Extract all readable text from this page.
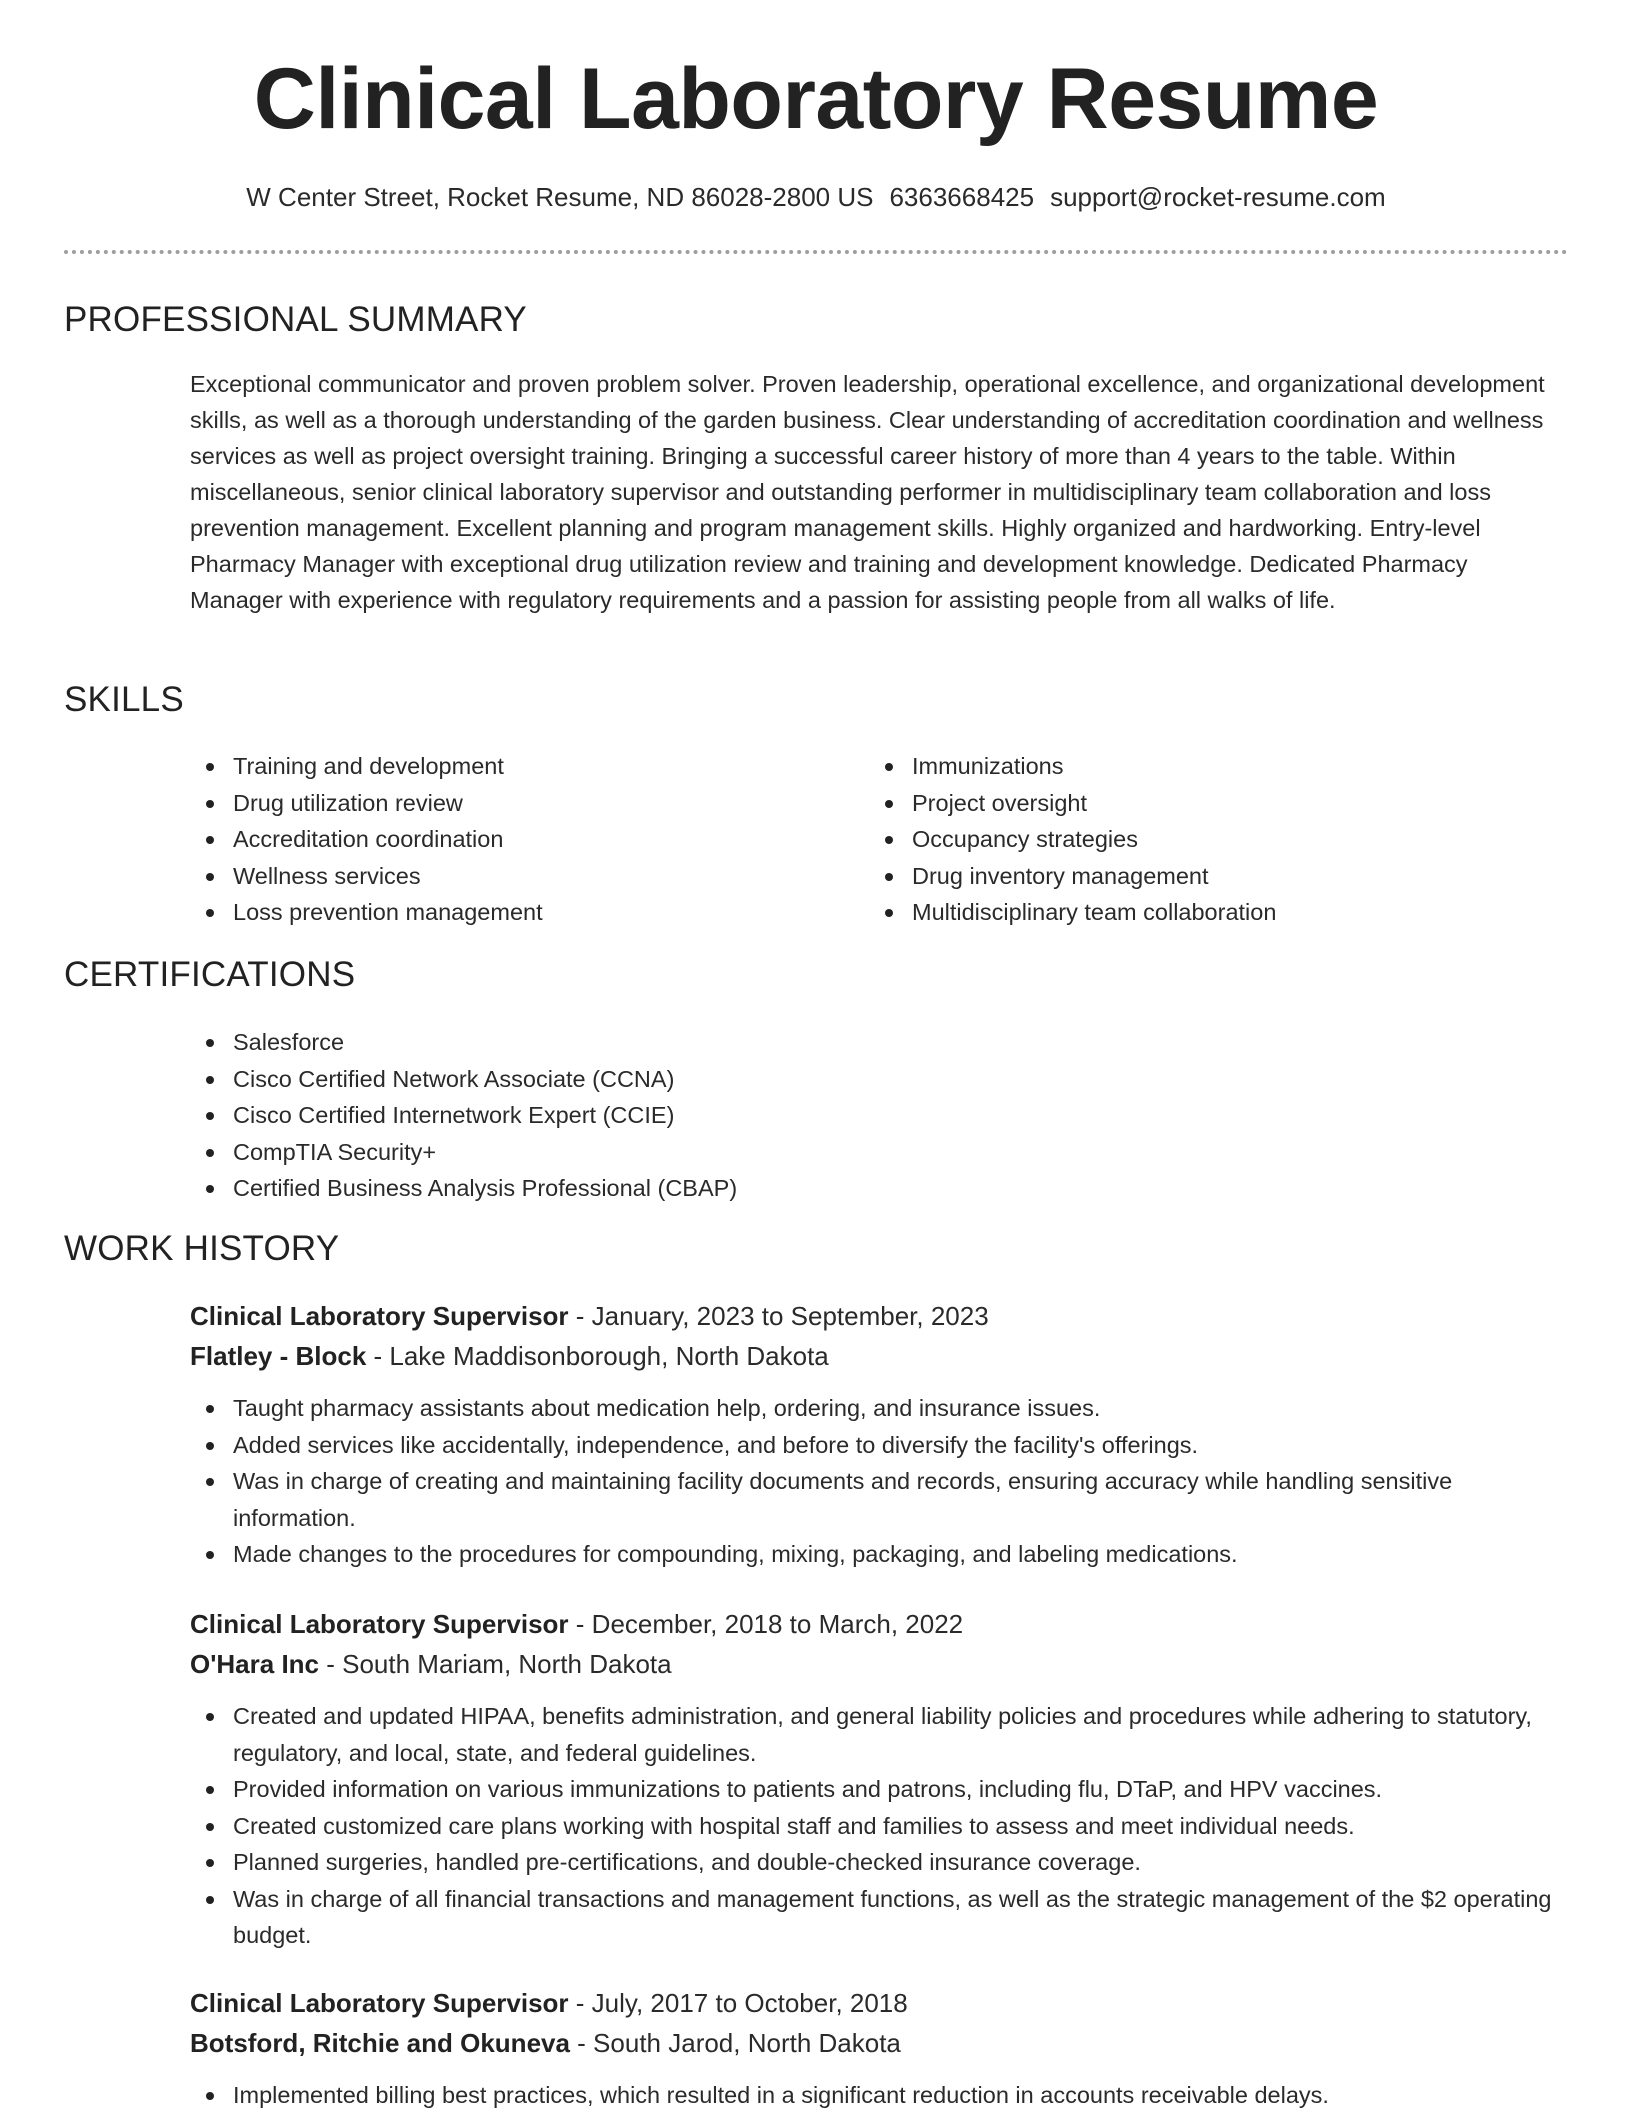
Clinical Laboratory Resume
W Center Street, Rocket Resume, ND 86028-2800 US 6363668425 support@rocket-resume.com
PROFESSIONAL SUMMARY

Exceptional communicator and proven problem solver. Proven leadership, operational excellence, and organizational development skills, as well as a thorough understanding of the garden business. Clear understanding of accreditation coordination and wellness services as well as project oversight training. Bringing a successful career history of more than 4 years to the table. Within miscellaneous, senior clinical laboratory supervisor and outstanding performer in multidisciplinary team collaboration and loss prevention management. Excellent planning and program management skills. Highly organized and hardworking. Entry-level Pharmacy Manager with exceptional drug utilization review and training and development knowledge. Dedicated Pharmacy Manager with experience with regulatory requirements and a passion for assisting people from all walks of life.

SKILLS
Training and development
Drug utilization review
Accreditation coordination
Wellness services
Loss prevention management
Immunizations
Project oversight
Occupancy strategies
Drug inventory management
Multidisciplinary team collaboration
CERTIFICATIONS
Salesforce
Cisco Certified Network Associate (CCNA)
Cisco Certified Internetwork Expert (CCIE)
CompTIA Security+
Certified Business Analysis Professional (CBAP)
WORK HISTORY
Clinical Laboratory Supervisor - January, 2023 to September, 2023
Flatley - Block - Lake Maddisonborough, North Dakota
Taught pharmacy assistants about medication help, ordering, and insurance issues.
Added services like accidentally, independence, and before to diversify the facility's offerings.
Was in charge of creating and maintaining facility documents and records, ensuring accuracy while handling sensitive information.
Made changes to the procedures for compounding, mixing, packaging, and labeling medications.
Clinical Laboratory Supervisor - December, 2018 to March, 2022
O'Hara Inc - South Mariam, North Dakota
Created and updated HIPAA, benefits administration, and general liability policies and procedures while adhering to statutory, regulatory, and local, state, and federal guidelines.
Provided information on various immunizations to patients and patrons, including flu, DTaP, and HPV vaccines.
Created customized care plans working with hospital staff and families to assess and meet individual needs.
Planned surgeries, handled pre-certifications, and double-checked insurance coverage.
Was in charge of all financial transactions and management functions, as well as the strategic management of the $2 operating budget.
Clinical Laboratory Supervisor - July, 2017 to October, 2018
Botsford, Ritchie and Okuneva - South Jarod, North Dakota
Implemented billing best practices, which resulted in a significant reduction in accounts receivable delays.
